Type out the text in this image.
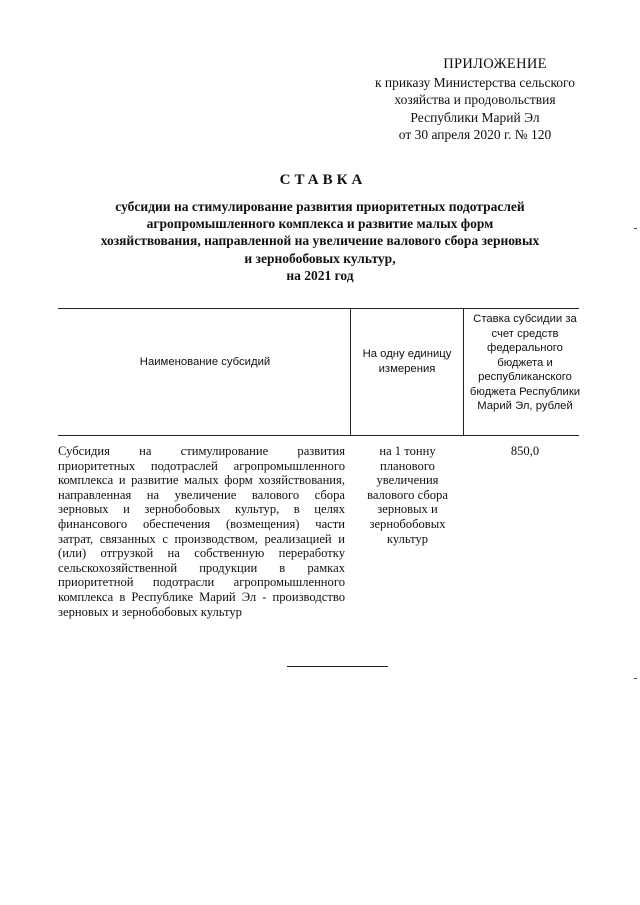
ПРИЛОЖЕНИЕ
к приказу Министерства сельского
хозяйства и продовольствия
Республики Марий Эл
от 30 апреля 2020 г. № 120
СТАВКА
субсидии на стимулирование развития приоритетных подотраслей агропромышленного комплекса и развитие малых форм хозяйствования, направленной на увеличение валового сбора зерновых и зернобобовых культур,
на 2021 год
Наименование субсидий
На одну единицу измерения
Ставка субсидии за счет средств федерального бюджета и республиканского бюджета Республики Марий Эл, рублей
Субсидия на стимулирование развития приоритетных подотраслей агропромышленного комплекса и развитие малых форм хозяйствования, направленная на увеличение валового сбора зерновых и зернобобовых культур, в целях финансового обеспечения (возмещения) части затрат, связанных с производством, реализацией и (или) отгрузкой на собственную переработку сельскохозяйственной продукции в рамках приоритетной подотрасли агропромышленного комплекса в Республике Марий Эл - производство зерновых и зернобобовых культур
на 1 тонну планового увеличения валового сбора зерновых и зернобобовых культур
850,0
